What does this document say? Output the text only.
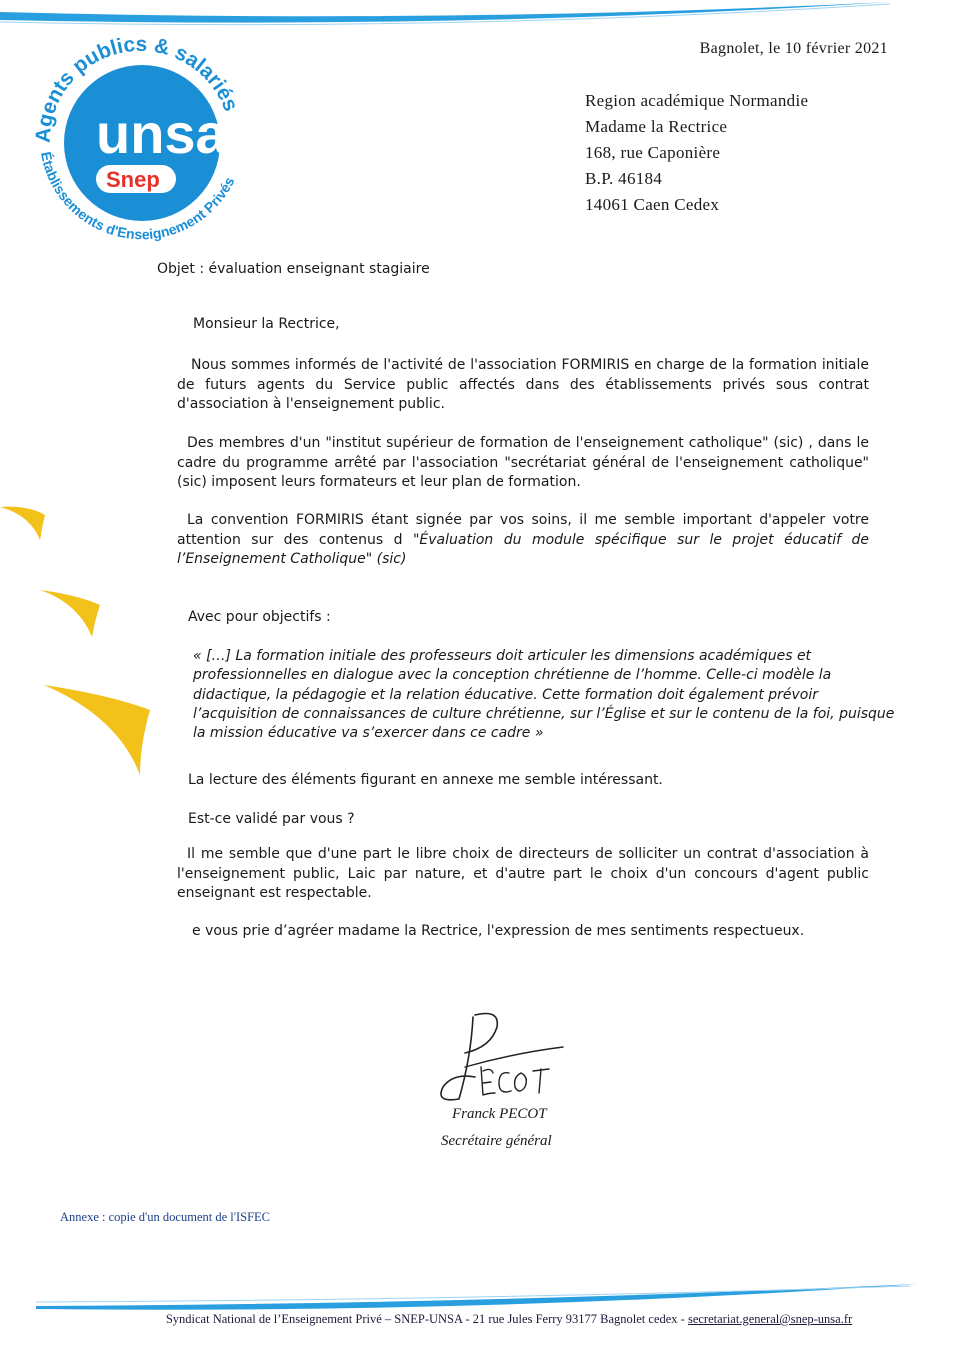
Agents publics & salariés
Établissements d'Enseignement Privés
unsa
Snep
Bagnolet, le 10 février 2021
Region académique Normandie
Madame la Rectrice
168, rue Caponière
B.P. 46184
14061 Caen Cedex
Objet : évaluation enseignant stagiaire
Monsieur la Rectrice,
Nous sommes informés de l'activité de l'association FORMIRIS en charge de la formation initiale de futurs agents du Service public affectés dans des établissements privés sous contrat d'association à l'enseignement public.
Des membres d'un "institut supérieur de formation de l'enseignement catholique" (sic) , dans le cadre du programme arrêté par l'association "secrétariat général de l'enseignement catholique" (sic) imposent leurs formateurs et leur plan de formation.
La convention FORMIRIS étant signée par vos soins, il me semble important d'appeler votre attention sur des contenus d "Évaluation du module spécifique sur le projet éducatif de l’Enseignement Catholique" (sic)
Avec pour objectifs :
« […] La formation initiale des professeurs doit articuler les dimensions académiques et
professionnelles en dialogue avec la conception chrétienne de l’homme. Celle-ci modèle la
didactique, la pédagogie et la relation éducative. Cette formation doit également prévoir
l’acquisition de connaissances de culture chrétienne, sur l’Église et sur le contenu de la foi, puisque
la mission éducative va s’exercer dans ce cadre »
La lecture des éléments figurant en annexe me semble intéressant.
Est-ce validé par vous ?
Il me semble que d'une part le libre choix de directeurs de solliciter un contrat d'association à l'enseignement public, Laic par nature, et d'autre part le choix d'un concours d'agent public enseignant est respectable.
e vous prie d’agréer madame la Rectrice, l'expression de mes sentiments respectueux.
Franck PECOT
Secrétaire général
Annexe : copie d'un document de l'ISFEC
Syndicat National de l’Enseignement Privé – SNEP-UNSA - 21 rue Jules Ferry 93177 Bagnolet cedex - secretariat.general@snep-unsa.fr
